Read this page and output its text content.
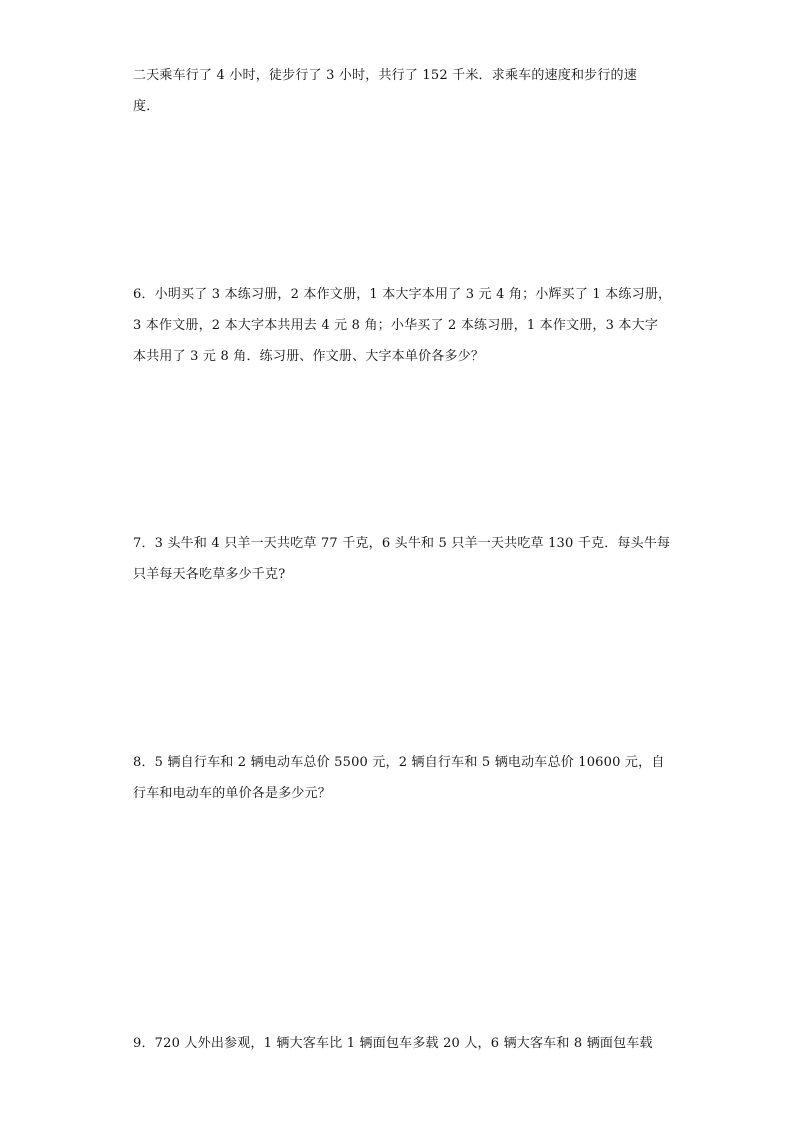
二天乘车行了 4 小时，徒步行了 3 小时，共行了 152 千米．求乘车的速度和步行的速
度．
6．小明买了 3 本练习册，2 本作文册，1 本大字本用了 3 元 4 角；小辉买了 1 本练习册，
3 本作文册，2 本大字本共用去 4 元 8 角；小华买了 2 本练习册，1 本作文册，3 本大字
本共用了 3 元 8 角．练习册、作文册、大字本单价各多少？
7．3 头牛和 4 只羊一天共吃草 77 千克，6 头牛和 5 只羊一天共吃草 130 千克．每头牛每
只羊每天各吃草多少千克?
8．5 辆自行车和 2 辆电动车总价 5500 元，2 辆自行车和 5 辆电动车总价 10600 元，自
行车和电动车的单价各是多少元？
9．720 人外出参观，1 辆大客车比 1 辆面包车多载 20 人，6 辆大客车和 8 辆面包车载
